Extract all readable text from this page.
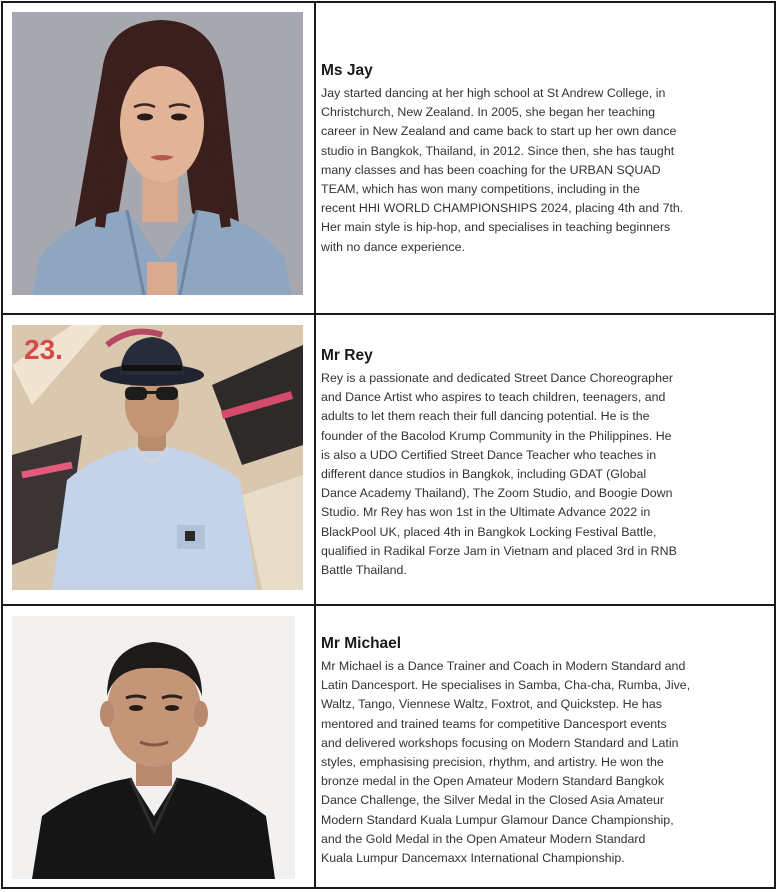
Ms Jay

Jay started dancing at her high school at St Andrew College, in
Christchurch, New Zealand. In 2005, she began her teaching
career in New Zealand and came back to start up her own dance
studio in Bangkok, Thailand, in 2012. Since then, she has taught
many classes and has been coaching for the URBAN SQUAD
TEAM, which has won many competitions, including in the
recent HHI WORLD CHAMPIONSHIPS 2024, placing 4th and 7th.
Her main style is hip-hop, and specialises in teaching beginners
with no dance experience.

23.	Mr Rey

Rey is a passionate and dedicated Street Dance Choreographer
and Dance Artist who aspires to teach children, teenagers, and
adults to let them reach their full dancing potential. He is the
founder of the Bacolod Krump Community in the Philippines. He
is also a UDO Certified Street Dance Teacher who teaches in
different dance studios in Bangkok, including GDAT (Global
Dance Academy Thailand), The Zoom Studio, and Boogie Down
Studio. Mr Rey has won 1st in the Ultimate Advance 2022 in
BlackPool UK, placed 4th in Bangkok Locking Festival Battle,
qualified in Radikal Forze Jam in Vietnam and placed 3rd in RNB
Battle Thailand.

Mr Michael

Mr Michael is a Dance Trainer and Coach in Modern Standard and
Latin Dancesport. He specialises in Samba, Cha-cha, Rumba, Jive,
Waltz, Tango, Viennese Waltz, Foxtrot, and Quickstep. He has
mentored and trained teams for competitive Dancesport events
and delivered workshops focusing on Modern Standard and Latin
styles, emphasising precision, rhythm, and artistry. He won the
bronze medal in the Open Amateur Modern Standard Bangkok
Dance Challenge, the Silver Medal in the Closed Asia Amateur
Modern Standard Kuala Lumpur Glamour Dance Championship,
and the Gold Medal in the Open Amateur Modern Standard
Kuala Lumpur Dancemaxx International Championship.
